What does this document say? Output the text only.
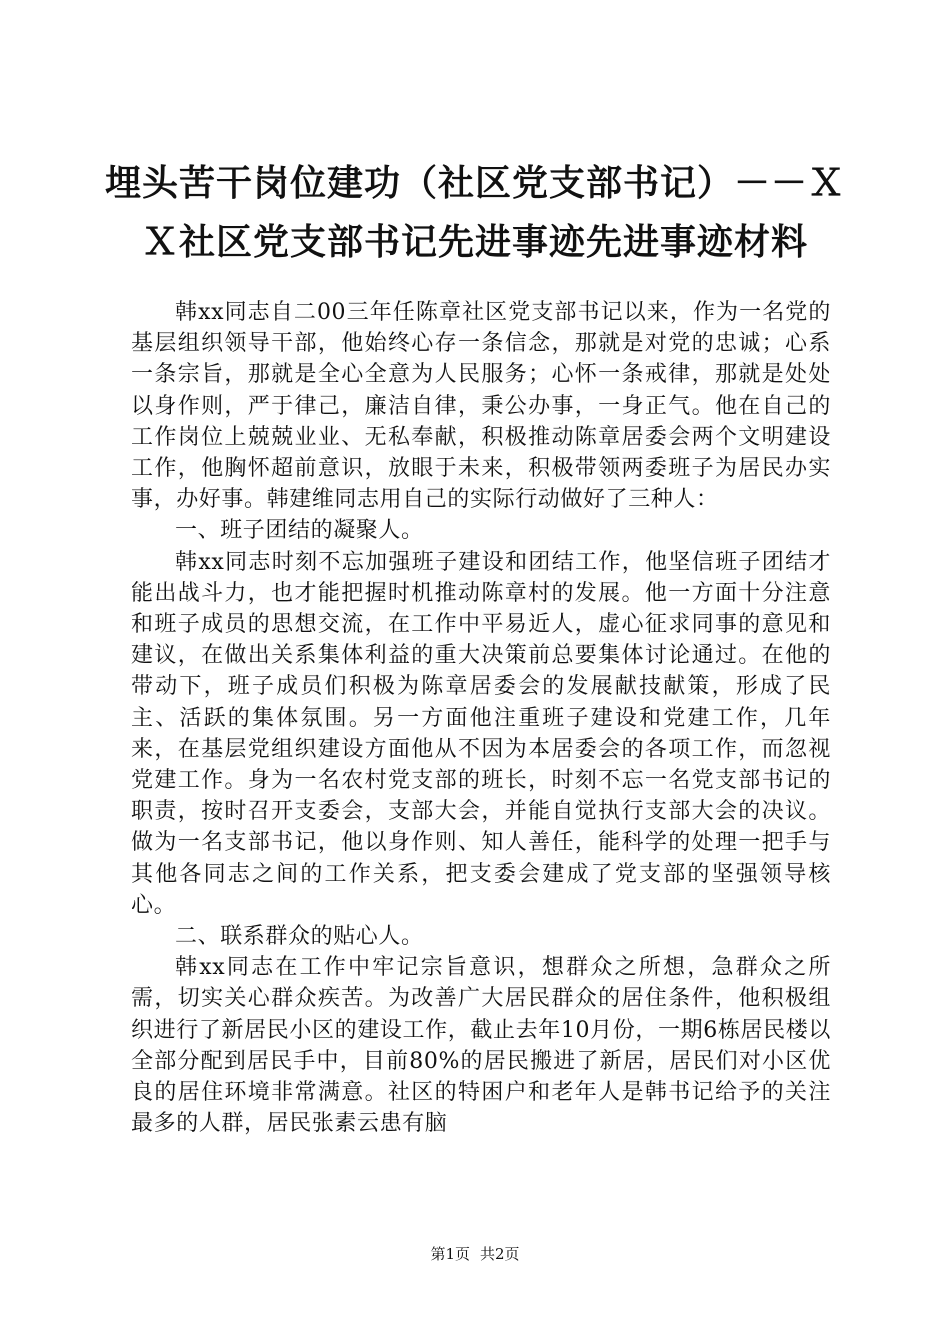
埋头苦干岗位建功（社区党支部书记）－－Ｘ
Ｘ社区党支部书记先进事迹先进事迹材料

韩xx同志自二00三年任陈章社区党支部书记以来，作为一名党的基层组织领导干部，他始终心存一条信念，那就是对党的忠诚；心系一条宗旨，那就是全心全意为人民服务；心怀一条戒律，那就是处处以身作则，严于律己，廉洁自律，秉公办事，一身正气。他在自己的工作岗位上兢兢业业、无私奉献，积极推动陈章居委会两个文明建设工作，他胸怀超前意识，放眼于未来，积极带领两委班子为居民办实事，办好事。韩建维同志用自己的实际行动做好了三种人：

一、班子团结的凝聚人。

韩xx同志时刻不忘加强班子建设和团结工作，他坚信班子团结才能出战斗力，也才能把握时机推动陈章村的发展。他一方面十分注意和班子成员的思想交流，在工作中平易近人，虚心征求同事的意见和建议，在做出关系集体利益的重大决策前总要集体讨论通过。在他的带动下，班子成员们积极为陈章居委会的发展献技献策，形成了民主、活跃的集体氛围。另一方面他注重班子建设和党建工作，几年来，在基层党组织建设方面他从不因为本居委会的各项工作，而忽视党建工作。身为一名农村党支部的班长，时刻不忘一名党支部书记的职责，按时召开支委会，支部大会，并能自觉执行支部大会的决议。做为一名支部书记，他以身作则、知人善任，能科学的处理一把手与其他各同志之间的工作关系，把支委会建成了党支部的坚强领导核心。

二、联系群众的贴心人。

韩xx同志在工作中牢记宗旨意识，想群众之所想，急群众之所需，切实关心群众疾苦。为改善广大居民群众的居住条件，他积极组织进行了新居民小区的建设工作，截止去年10月份，一期6栋居民楼以全部分配到居民手中，目前80%的居民搬进了新居，居民们对小区优良的居住环境非常满意。社区的特困户和老年人是韩书记给予的关注最多的人群，居民张素云患有脑

第1页 共2页
